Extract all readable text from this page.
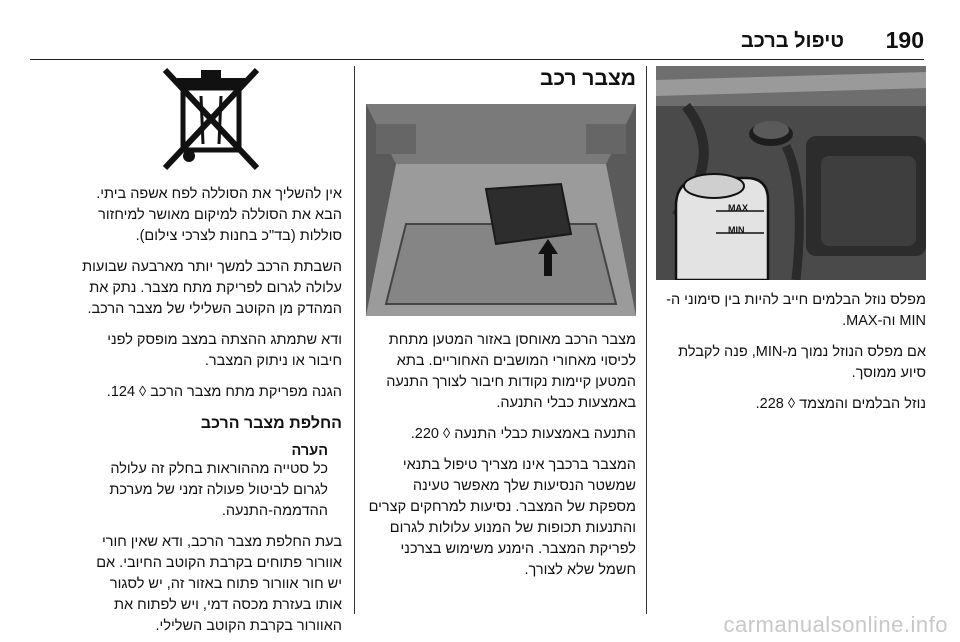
190
טיפול ברכב
MAX
MIN

מפלס נוזל הבלמים חייב להיות בין סימוני ה-MIN וה-MAX.

אם מפלס הנוזל נמוך מ-MIN, פנה לקבלת סיוע ממוסך.

נוזל הבלמים והמצמד ◊ 228.

מצבר רכב

מצבר הרכב מאוחסן באזור המטען מתחת לכיסוי מאחורי המושבים האחוריים. בתא המטען קיימות נקודות חיבור לצורך התנעה באמצעות כבלי התנעה.

התנעה באמצעות כבלי התנעה ◊ 220.

המצבר ברכבך אינו מצריך טיפול בתנאי שמשטר הנסיעות שלך מאפשר טעינה מספקת של המצבר. נסיעות למרחקים קצרים והתנעות תכופות של המנוע עלולות לגרום לפריקת המצבר. הימנע משימוש בצרכני חשמל שלא לצורך.

אין להשליך את הסוללה לפח אשפה ביתי. הבא את הסוללה למיקום מאושר למיחזור סוללות (בד"כ בחנות לצרכי צילום).

השבתת הרכב למשך יותר מארבעה שבועות עלולה לגרום לפריקת מתח מצבר. נתק את המהדק מן הקוטב השלילי של מצבר הרכב.

ודא שתמתג ההצתה במצב מופסק לפני חיבור או ניתוק המצבר.

הגנה מפריקת מתח מצבר הרכב ◊ 124.

החלפת מצבר הרכב
הערה

כל סטייה מההוראות בחלק זה עלולה לגרום לביטול פעולה זמני של מערכת ההדממה-התנעה.

בעת החלפת מצבר הרכב, ודא שאין חורי אוורור פתוחים בקרבת הקוטב החיובי. אם יש חור אוורור פתוח באזור זה, יש לסגור אותו בעזרת מכסה דמי, ויש לפתוח את האוורור בקרבת הקוטב השלילי.	carmanualsonline.info
